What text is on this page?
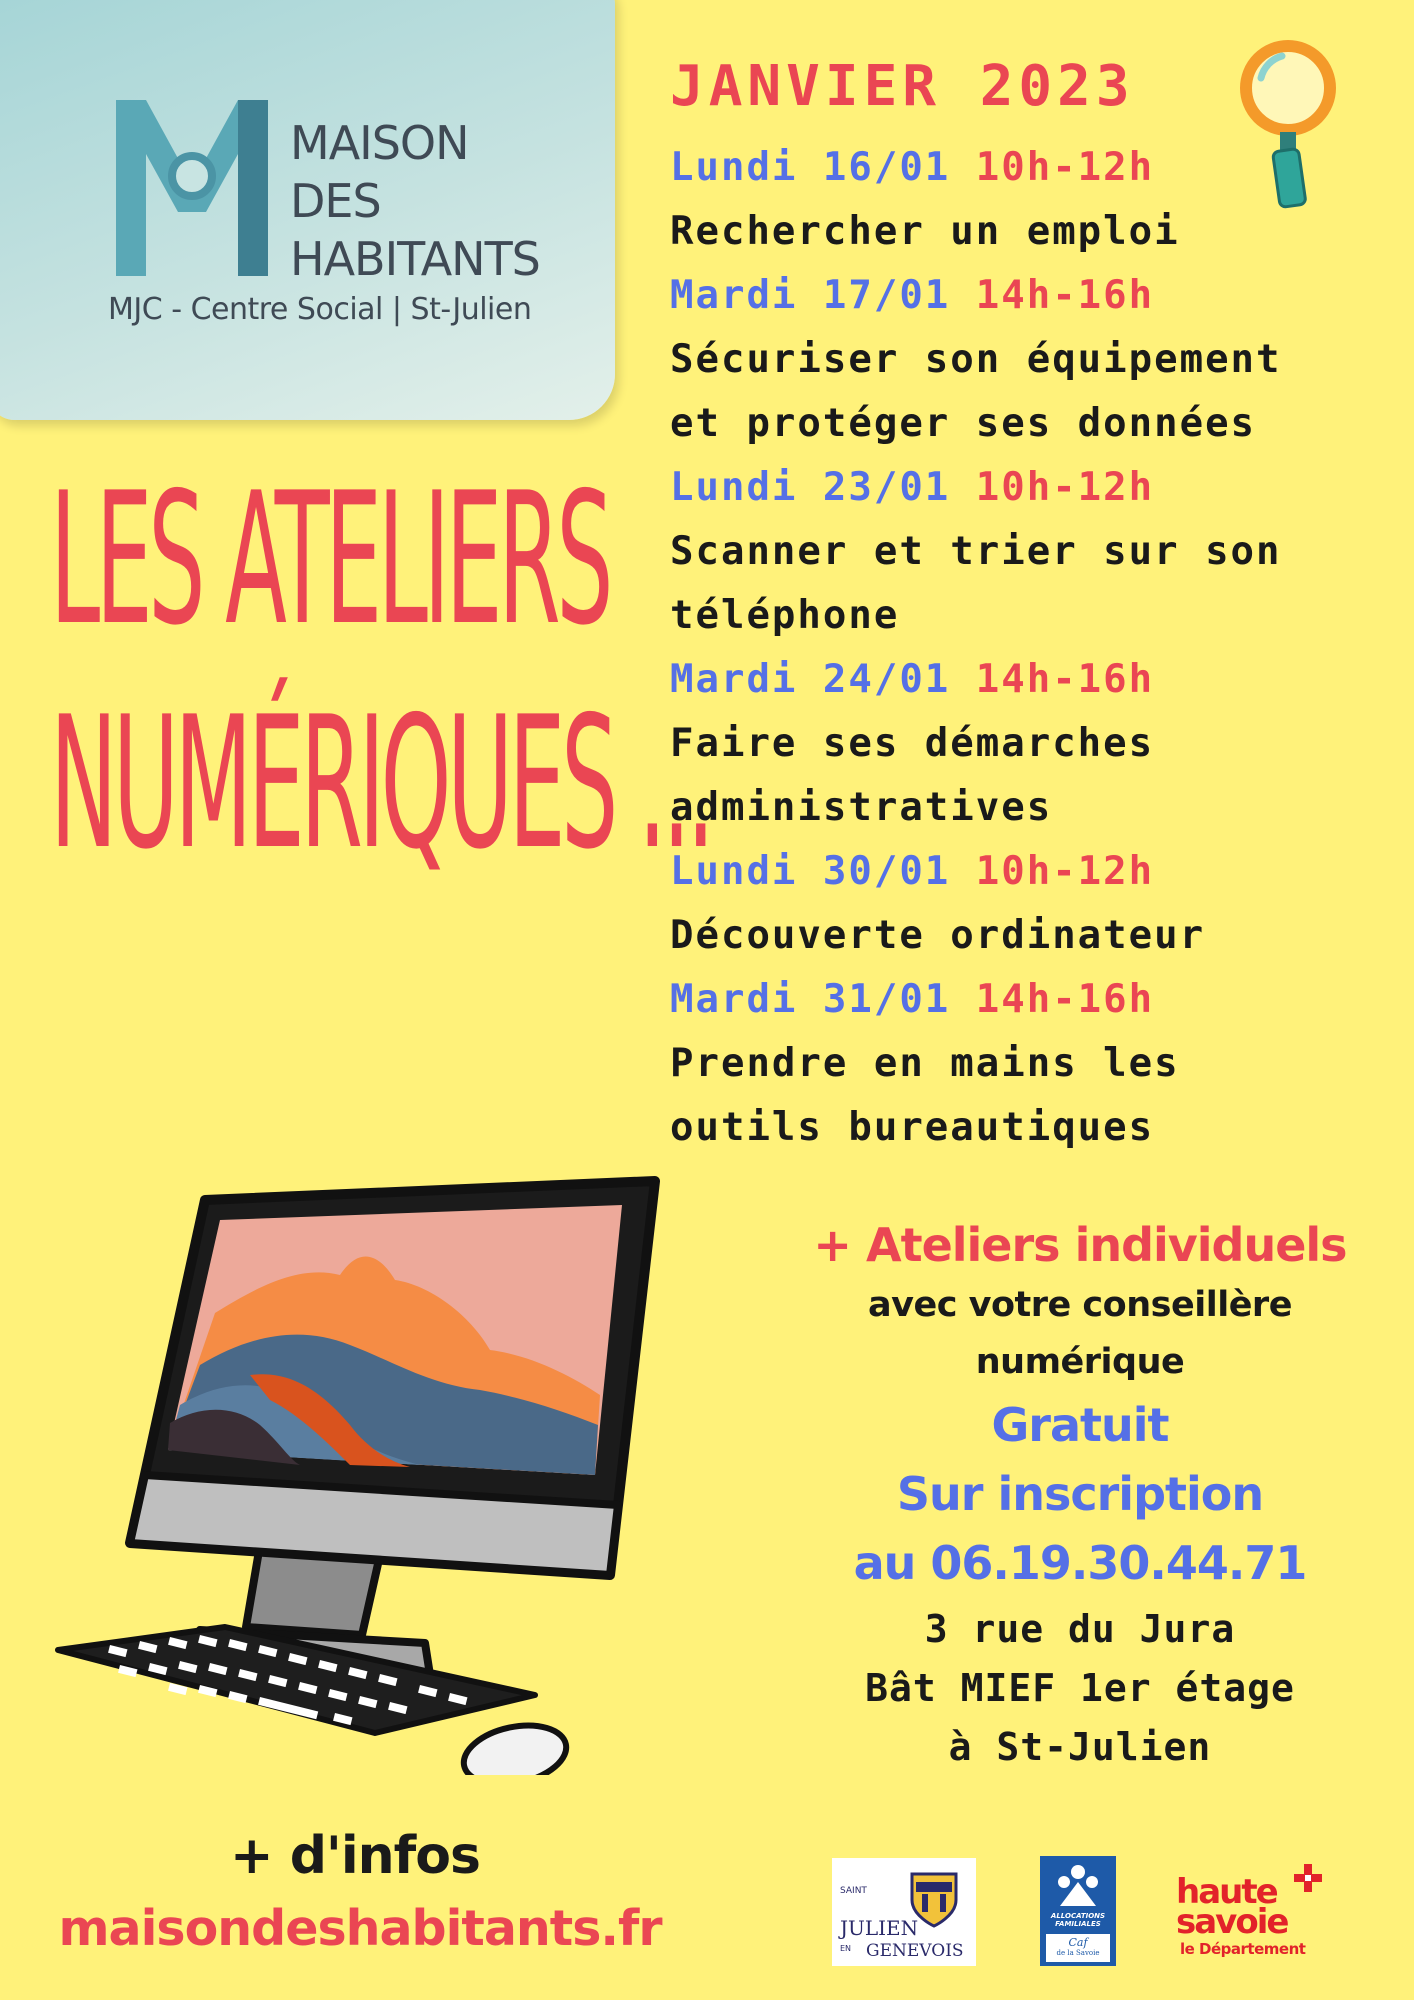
MAISON
DES
HABITANTS
MJC - Centre Social | St-Julien
LES ATELIERS
NUMÉRIQUES ...
JANVIER 2023
Lundi 16/01 10h-12h
Rechercher un emploi
Mardi 17/01 14h-16h
Sécuriser son équipement
et protéger ses données
Lundi 23/01 10h-12h
Scanner et trier sur son
téléphone
Mardi 24/01 14h-16h
Faire ses démarches
administratives
Lundi 30/01 10h-12h
Découverte ordinateur
Mardi 31/01 14h-16h
Prendre en mains les
outils bureautiques
+ Ateliers individuels
avec votre conseillère
numérique
Gratuit
Sur inscription
au 06.19.30.44.71
3 rue du Jura
Bât MIEF 1er étage
à St-Julien
+ d'infos
maisondeshabitants.fr
SAINT
JULIEN
EN GENEVOIS
ALLOCATIONS
FAMILIALES
Caf
de la Savoie
haute
savoie
le Département
